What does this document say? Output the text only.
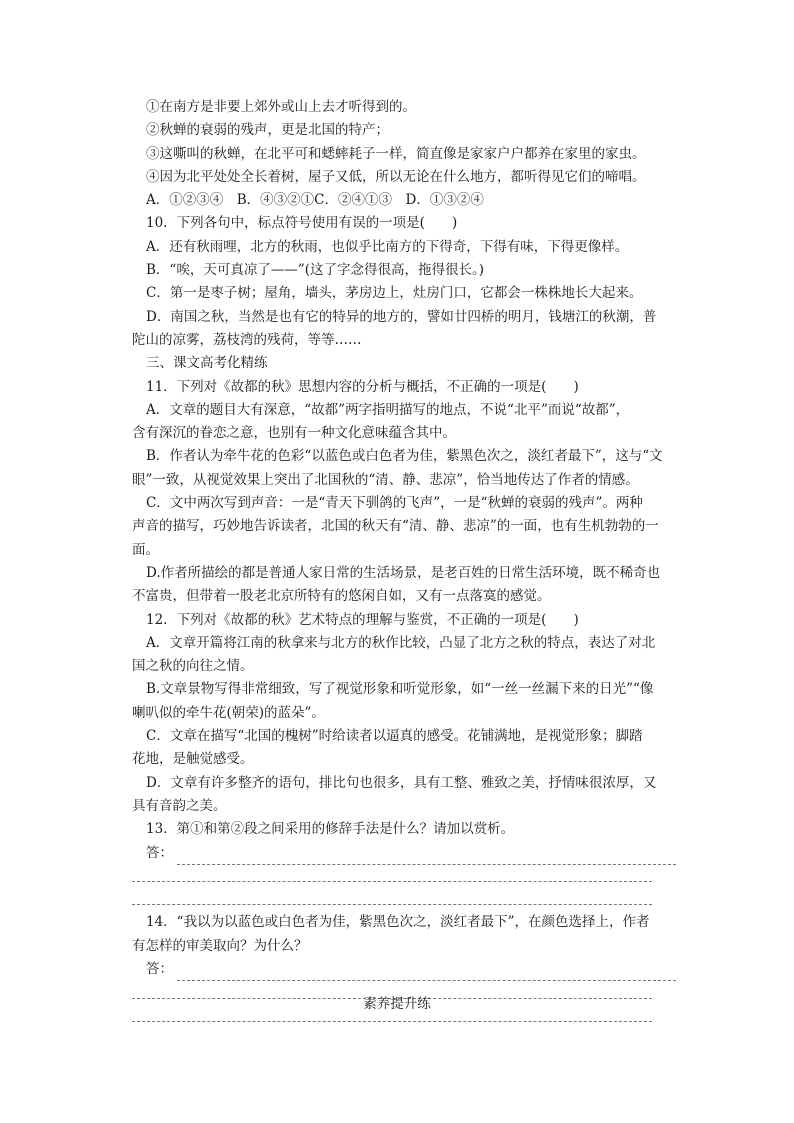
①在南方是非要上郊外或山上去才听得到的。
②秋蝉的衰弱的残声，更是北国的特产；
③这嘶叫的秋蝉，在北平可和蟋蟀耗子一样，简直像是家家户户都养在家里的家虫。
④因为北平处处全长着树，屋子又低，所以无论在什么地方，都听得见它们的啼唱。
A．①②③④　B．④③②①C．②④①③　D．①③②④
10．下列各句中，标点符号使用有误的一项是(　　)
A．还有秋雨哩，北方的秋雨，也似乎比南方的下得奇，下得有味，下得更像样。
B．“唉，天可真凉了——”(这了字念得很高，拖得很长。)
C．第一是枣子树；屋角，墙头，茅房边上，灶房门口，它都会一株株地长大起来。
D．南国之秋，当然是也有它的特异的地方的，譬如廿四桥的明月，钱塘江的秋潮，普
陀山的凉雾，荔枝湾的残荷，等等……
三、课文高考化精练
11．下列对《故都的秋》思想内容的分析与概括，不正确的一项是(　　)
A．文章的题目大有深意，“故都”两字指明描写的地点，不说“北平”而说“故都”，
含有深沉的眷恋之意，也别有一种文化意味蕴含其中。
B．作者认为牵牛花的色彩“以蓝色或白色者为佳，紫黑色次之，淡红者最下”，这与“文
眼”一致，从视觉效果上突出了北国秋的“清、静、悲凉”，恰当地传达了作者的情感。
C．文中两次写到声音：一是“青天下驯鸽的飞声”，一是“秋蝉的衰弱的残声”。两种
声音的描写，巧妙地告诉读者，北国的秋天有“清、静、悲凉”的一面，也有生机勃勃的一
面。
D.作者所描绘的都是普通人家日常的生活场景，是老百姓的日常生活环境，既不稀奇也
不富贵，但带着一股老北京所特有的悠闲自如，又有一点落寞的感觉。
12．下列对《故都的秋》艺术特点的理解与鉴赏，不正确的一项是(　　)
A．文章开篇将江南的秋拿来与北方的秋作比较，凸显了北方之秋的特点，表达了对北
国之秋的向往之情。
B.文章景物写得非常细致，写了视觉形象和听觉形象，如“一丝一丝漏下来的日光”“像
喇叭似的牵牛花(朝荣)的蓝朵”。
C．文章在描写“北国的槐树”时给读者以逼真的感受。花铺满地，是视觉形象；脚踏
花地，是触觉感受。
D．文章有许多整齐的语句，排比句也很多，具有工整、雅致之美，抒情味很浓厚，又
具有音韵之美。
13．第①和第②段之间采用的修辞手法是什么？请加以赏析。
答：
14．“我以为以蓝色或白色者为佳，紫黑色次之，淡红者最下”，在颜色选择上，作者
有怎样的审美取向？为什么？
答：
素养提升练
